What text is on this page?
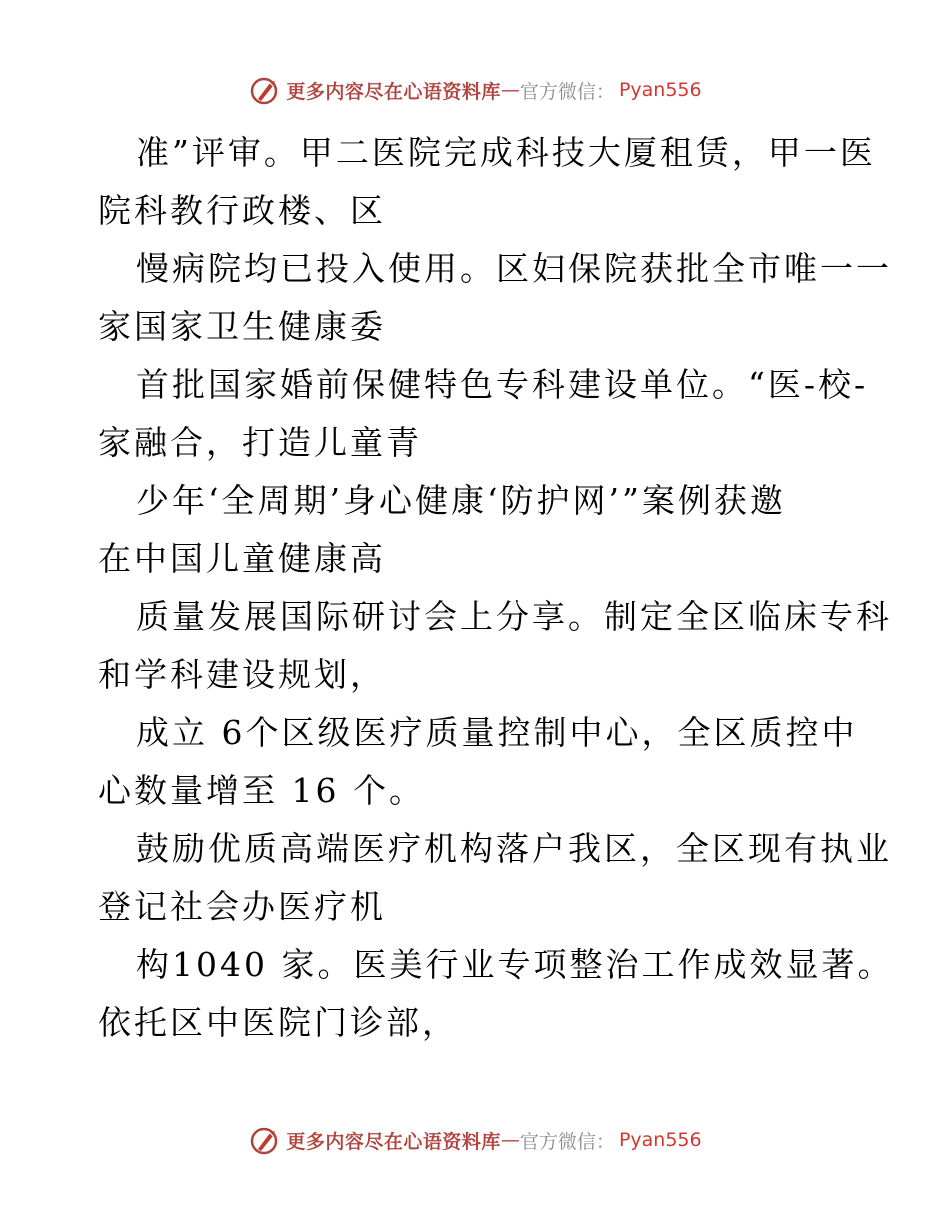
更多内容尽在心语资料库 — 官方微信： Pyan556
准”评审。甲二医院完成科技大厦租赁，甲一医
院科教行政楼、区
慢病院均已投入使用。区妇保院获批全市唯一一
家国家卫生健康委
首批国家婚前保健特色专科建设单位。“医-校-
家融合，打造儿童青
少年‘全周期’身心健康‘防护网’”案例获邀
在中国儿童健康高
质量发展国际研讨会上分享。制定全区临床专科
和学科建设规划，
成立 6个区级医疗质量控制中心，全区质控中
心数量增至 16 个。
鼓励优质高端医疗机构落户我区，全区现有执业
登记社会办医疗机
构1040 家。医美行业专项整治工作成效显著。
依托区中医院门诊部，
更多内容尽在心语资料库 — 官方微信： Pyan556
